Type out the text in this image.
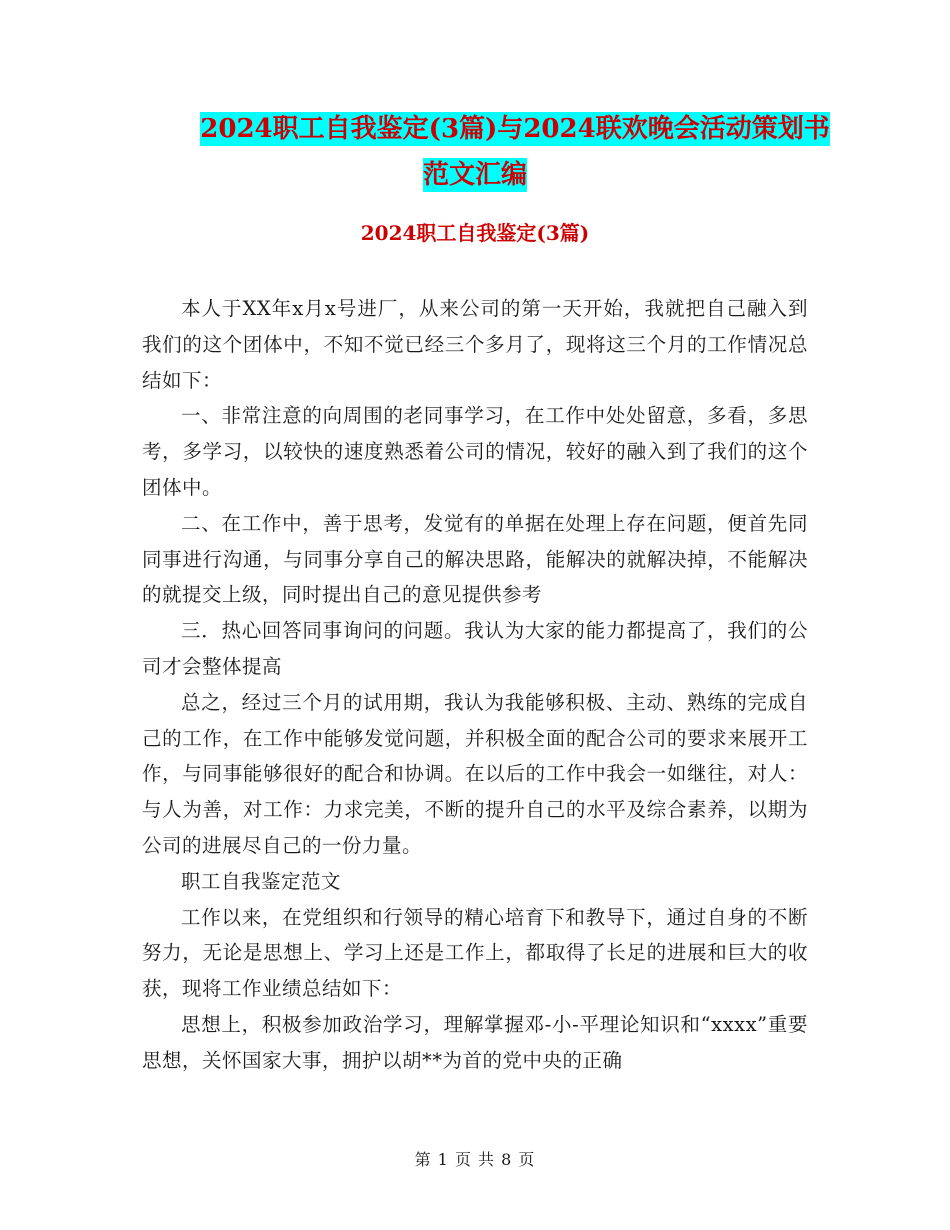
2024职工自我鉴定(3篇)与2024联欢晚会活动策划书
范文汇编
2024职工自我鉴定(3篇)

本人于XX年x月x号进厂，从来公司的第一天开始，我就把自己融入到我们的这个团体中，不知不觉已经三个多月了，现将这三个月的工作情况总结如下：

一、非常注意的向周围的老同事学习，在工作中处处留意，多看，多思考，多学习，以较快的速度熟悉着公司的情况，较好的融入到了我们的这个团体中。

二、在工作中，善于思考，发觉有的单据在处理上存在问题，便首先同同事进行沟通，与同事分享自己的解决思路，能解决的就解决掉，不能解决的就提交上级，同时提出自己的意见提供参考

三．热心回答同事询问的问题。我认为大家的能力都提高了，我们的公司才会整体提高

总之，经过三个月的试用期，我认为我能够积极、主动、熟练的完成自己的工作，在工作中能够发觉问题，并积极全面的配合公司的要求来展开工作，与同事能够很好的配合和协调。在以后的工作中我会一如继往，对人：与人为善，对工作：力求完美，不断的提升自己的水平及综合素养，以期为公司的进展尽自己的一份力量。

职工自我鉴定范文

工作以来，在党组织和行领导的精心培育下和教导下，通过自身的不断努力，无论是思想上、学习上还是工作上，都取得了长足的进展和巨大的收获，现将工作业绩总结如下：

思想上，积极参加政治学习，理解掌握邓-小-平理论知识和“xxxx”重要思想，关怀国家大事，拥护以胡**为首的党中央的正确

第 1 页 共 8 页
